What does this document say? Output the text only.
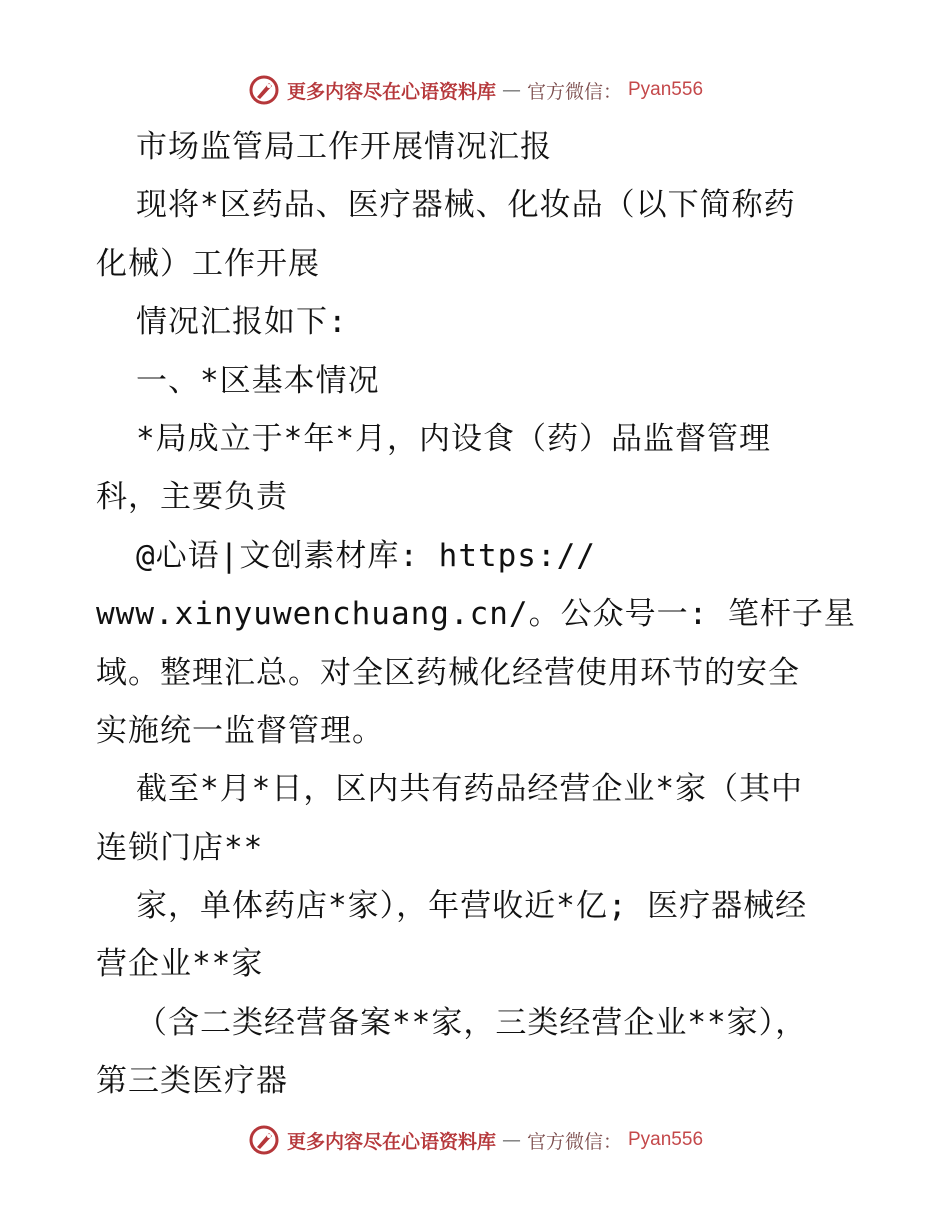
更多内容尽在心语资料库 — 官方微信： Pyan556
市场监管局工作开展情况汇报
现将*区药品、医疗器械、化妆品（以下简称药
化械）工作开展
情况汇报如下:
一、*区基本情况
*局成立于*年*月，内设食（药）品监督管理
科，主要负责
@心语|文创素材库: https://
www.xinyuwenchuang.cn/。公众号一: 笔杆子星
域。整理汇总。对全区药械化经营使用环节的安全
实施统一监督管理。
截至*月*日，区内共有药品经营企业*家（其中
连锁门店**
家，单体药店*家），年营收近*亿; 医疗器械经
营企业**家
（含二类经营备案**家，三类经营企业**家），
第三类医疗器
更多内容尽在心语资料库 — 官方微信： Pyan556
